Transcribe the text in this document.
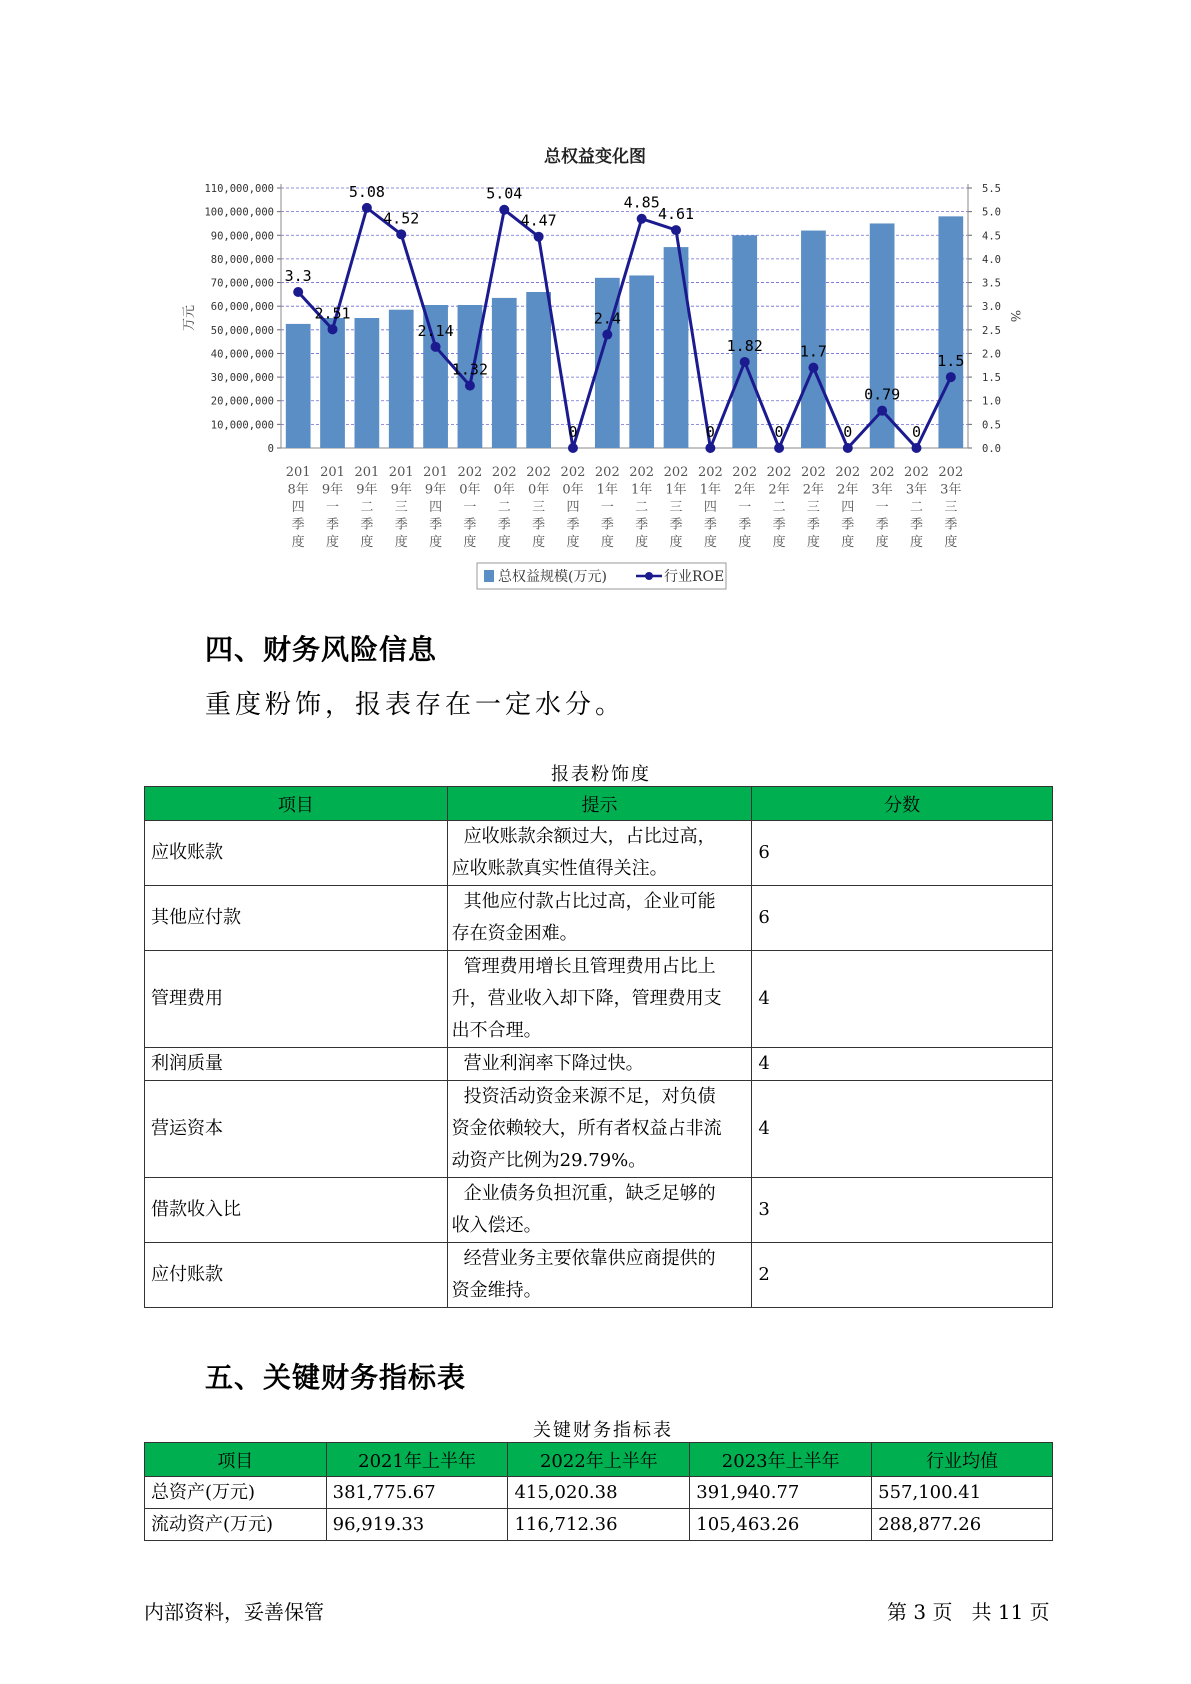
总权益变化图
110,000,000
100,000,000
90,000,000
80,000,000
70,000,000
60,000,000
50,000,000
40,000,000
30,000,000
20,000,000
10,000,000
0
5.5
5.0
4.5
4.0
3.5
3.0
2.5
2.0
1.5
1.0
0.5
0.0
万元	%
201
8年
四
季
度
201
9年
一
季
度
201
9年
二
季
度
201
9年
三
季
度
201
9年
四
季
度
202
0年
一
季
度
202
0年
二
季
度
202
0年
三
季
度
202
0年
四
季
度
202
1年
一
季
度
202
1年
二
季
度
202
1年
三
季
度
202
1年
四
季
度
202
2年
一
季
度
202
2年
二
季
度
202
2年
三
季
度
202
2年
四
季
度
202
3年
一
季
度
202
3年
二
季
度
202
3年
三
季
度
3.3
2.51
5.08
4.52
2.14
1.32
5.04
4.47
0
2.4
4.85
4.61
0
1.82
0
1.7
0
0.79
0
1.5
总权益规模(万元)	行业ROE
四、财务风险信息
重度粉饰，报表存在一定水分。
报表粉饰度
项目	提示	分数
应收账款	应收账款余额过大，占比过高，
应收账款真实性值得关注。	6
其他应付款	其他应付款占比过高，企业可能
存在资金困难。	6
管理费用	管理费用增长且管理费用占比上
升，营业收入却下降，管理费用支
出不合理。	4
利润质量	营业利润率下降过快。	4
营运资本	投资活动资金来源不足，对负债
资金依赖较大，所有者权益占非流
动资产比例为29.79%。	4
借款收入比	企业债务负担沉重，缺乏足够的
收入偿还。	3
应付账款	经营业务主要依靠供应商提供的
资金维持。	2
五、关键财务指标表
关键财务指标表
项目	2021年上半年	2022年上半年	2023年上半年	行业均值
总资产(万元)	381,775.67	415,020.38	391,940.77	557,100.41
流动资产(万元)	96,919.33	116,712.36	105,463.26	288,877.26
内部资料，妥善保管	第 3 页   共 11 页
